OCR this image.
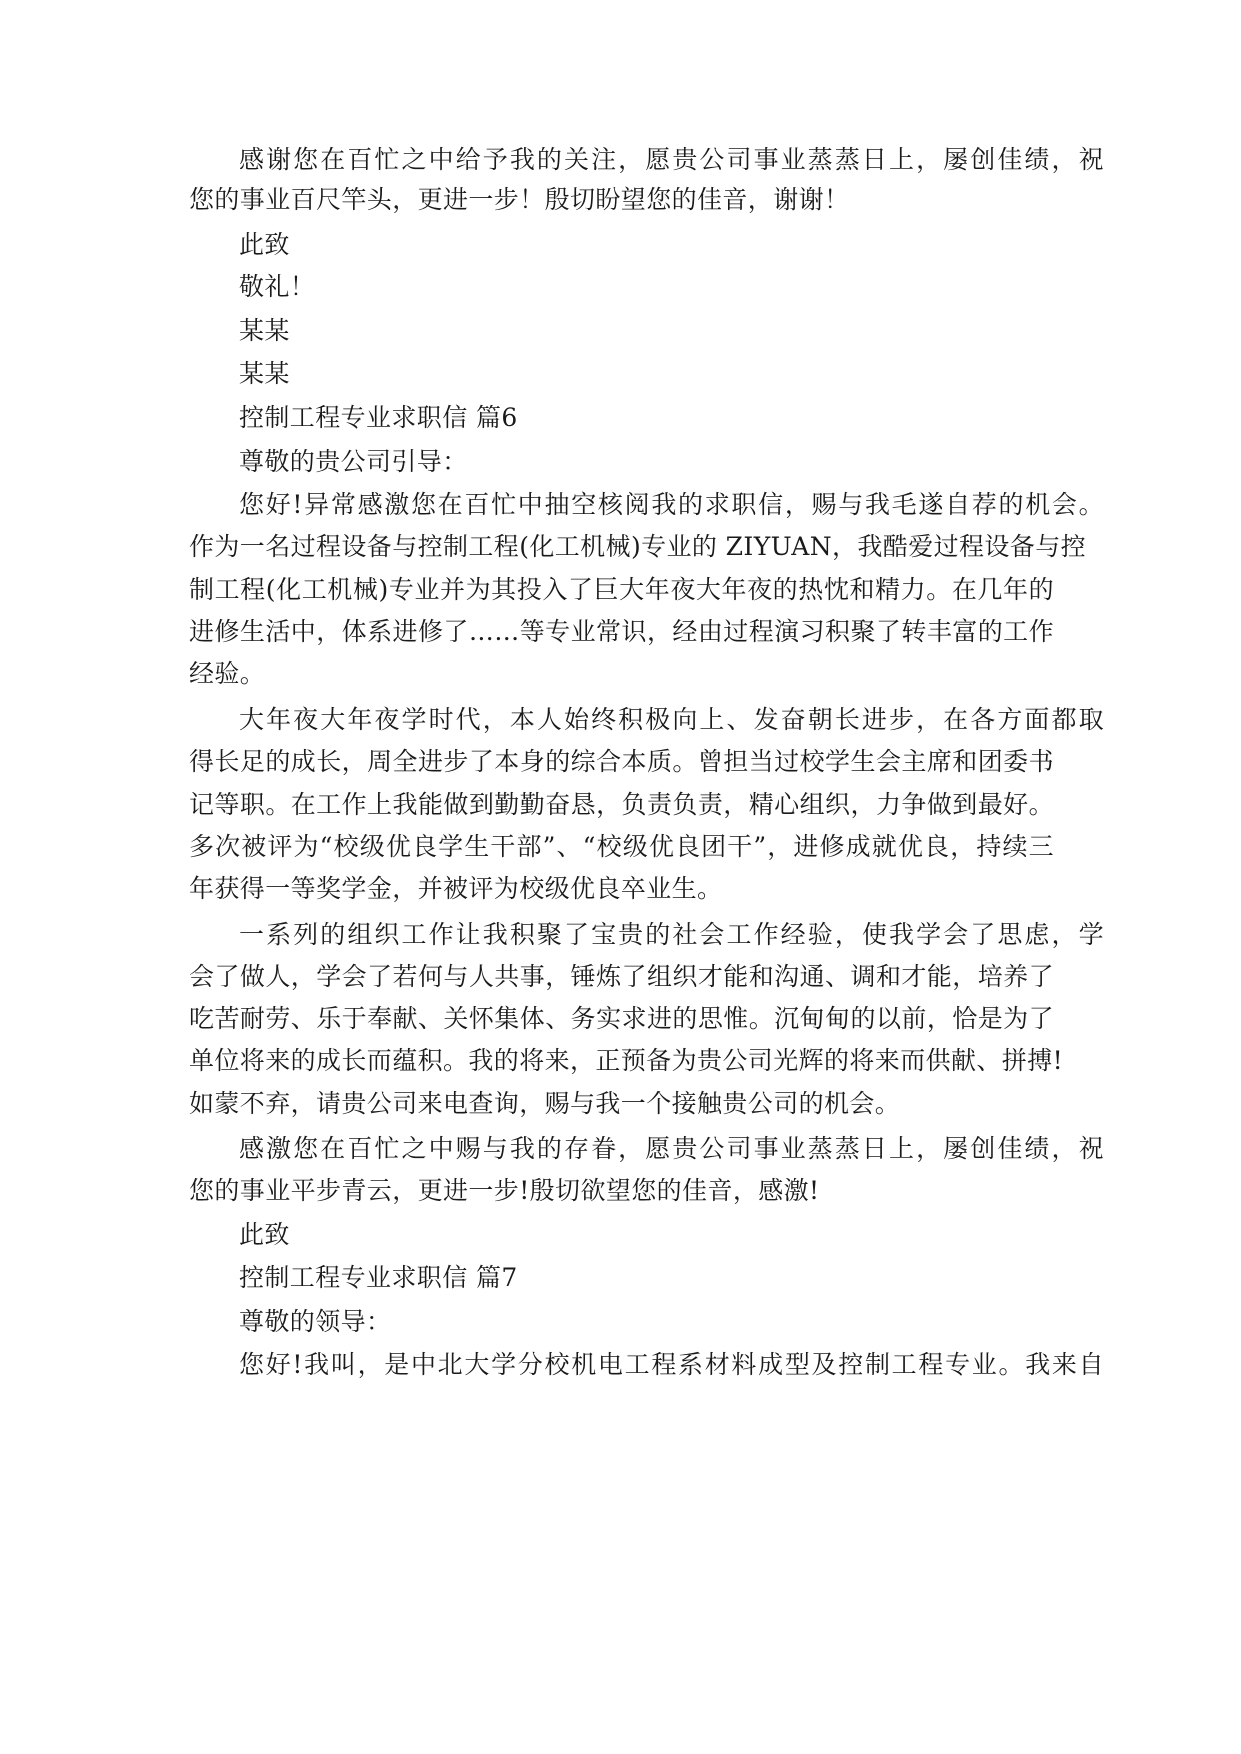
感谢您在百忙之中给予我的关注，愿贵公司事业蒸蒸日上，屡创佳绩，祝

您的事业百尺竿头，更进一步！殷切盼望您的佳音，谢谢！

此致

敬礼！

某某

某某

控制工程专业求职信 篇6

尊敬的贵公司引导：

您好!异常感激您在百忙中抽空核阅我的求职信，赐与我毛遂自荐的机会。

作为一名过程设备与控制工程(化工机械)专业的 ZIYUAN，我酷爱过程设备与控

制工程(化工机械)专业并为其投入了巨大年夜大年夜的热忱和精力。在几年的

进修生活中，体系进修了……等专业常识，经由过程演习积聚了转丰富的工作

经验。

大年夜大年夜学时代，本人始终积极向上、发奋朝长进步，在各方面都取

得长足的成长，周全进步了本身的综合本质。曾担当过校学生会主席和团委书

记等职。在工作上我能做到勤勤奋恳，负责负责，精心组织，力争做到最好。

多次被评为“校级优良学生干部”、“校级优良团干”，进修成就优良，持续三

年获得一等奖学金，并被评为校级优良卒业生。

一系列的组织工作让我积聚了宝贵的社会工作经验，使我学会了思虑，学

会了做人，学会了若何与人共事，锤炼了组织才能和沟通、调和才能，培养了

吃苦耐劳、乐于奉献、关怀集体、务实求进的思惟。沉甸甸的以前，恰是为了

单位将来的成长而蕴积。我的将来，正预备为贵公司光辉的将来而供献、拼搏!

如蒙不弃，请贵公司来电查询，赐与我一个接触贵公司的机会。

感激您在百忙之中赐与我的存眷，愿贵公司事业蒸蒸日上，屡创佳绩，祝

您的事业平步青云，更进一步!殷切欲望您的佳音，感激!

此致

控制工程专业求职信 篇7

尊敬的领导：

您好!我叫，是中北大学分校机电工程系材料成型及控制工程专业。我来自
